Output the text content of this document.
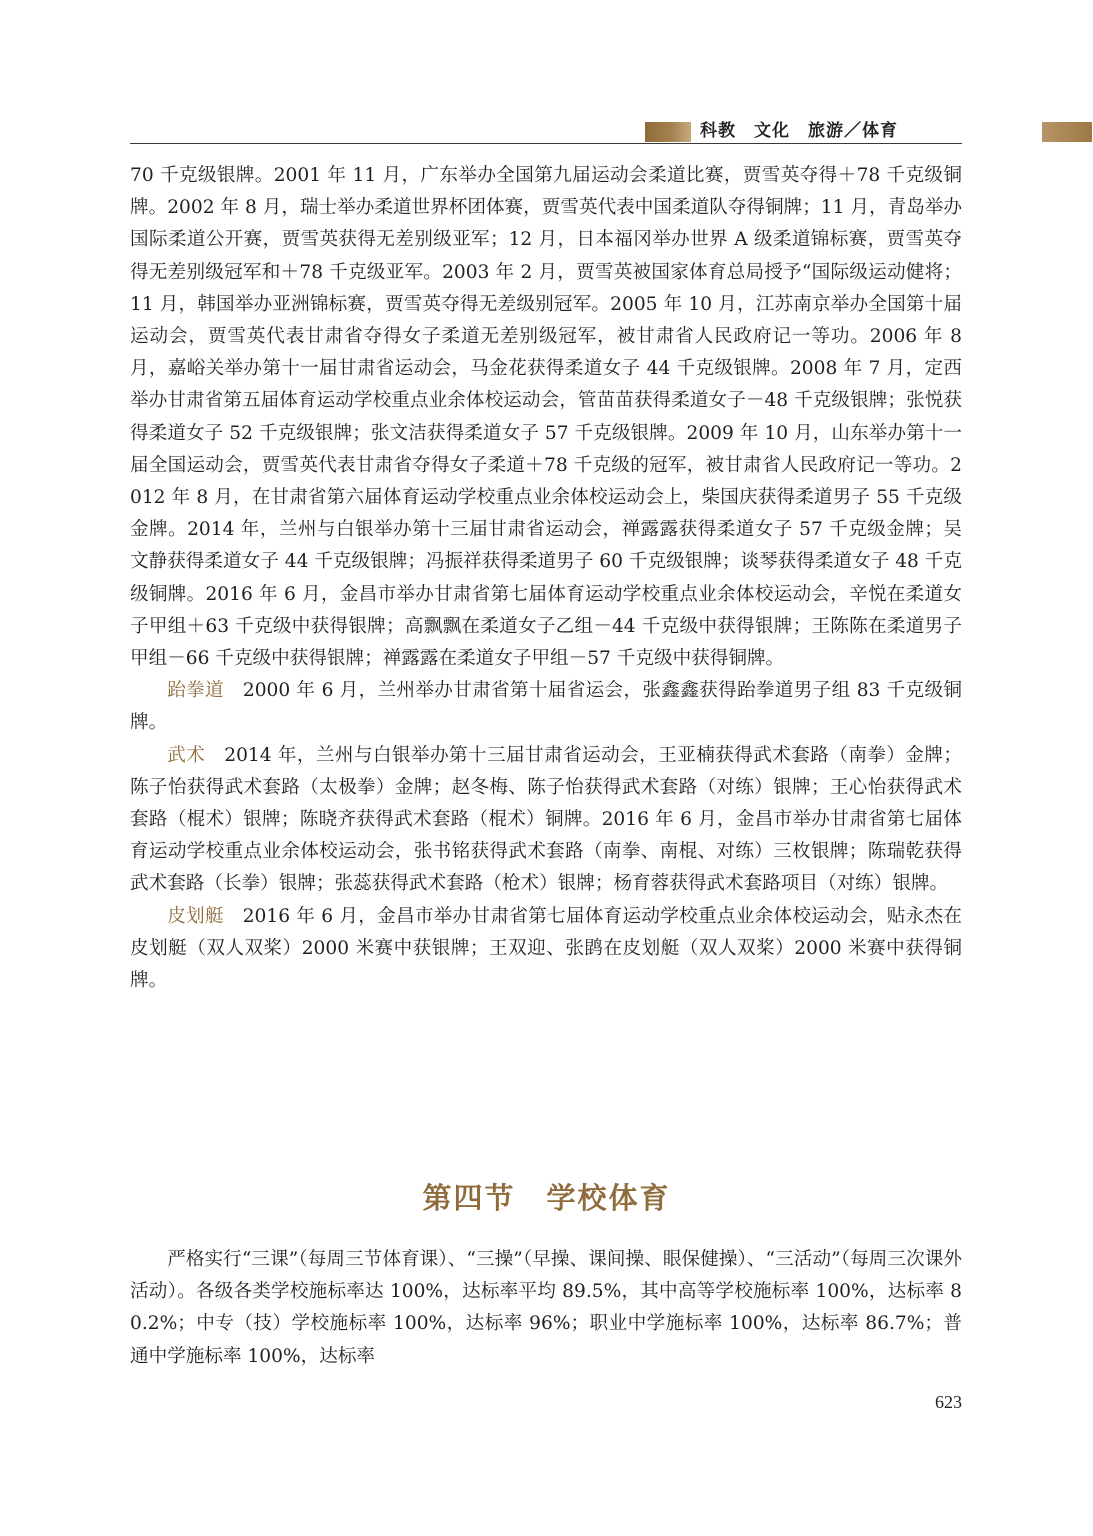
科教　文化　旅游／体育

70 千克级银牌。2001 年 11 月，广东举办全国第九届运动会柔道比赛，贾雪英夺得＋78 千克级铜牌。2002 年 8 月，瑞士举办柔道世界杯团体赛，贾雪英代表中国柔道队夺得铜牌；11 月，青岛举办国际柔道公开赛，贾雪英获得无差别级亚军；12 月，日本福冈举办世界 A 级柔道锦标赛，贾雪英夺得无差别级冠军和＋78 千克级亚军。2003 年 2 月，贾雪英被国家体育总局授予“国际级运动健将；11 月，韩国举办亚洲锦标赛，贾雪英夺得无差级别冠军。2005 年 10 月，江苏南京举办全国第十届运动会，贾雪英代表甘肃省夺得女子柔道无差别级冠军，被甘肃省人民政府记一等功。2006 年 8 月，嘉峪关举办第十一届甘肃省运动会，马金花获得柔道女子 44 千克级银牌。2008 年 7 月，定西举办甘肃省第五届体育运动学校重点业余体校运动会，管苗苗获得柔道女子－48 千克级银牌；张悦获得柔道女子 52 千克级银牌；张文洁获得柔道女子 57 千克级银牌。2009 年 10 月，山东举办第十一届全国运动会，贾雪英代表甘肃省夺得女子柔道＋78 千克级的冠军，被甘肃省人民政府记一等功。2012 年 8 月，在甘肃省第六届体育运动学校重点业余体校运动会上，柴国庆获得柔道男子 55 千克级金牌。2014 年，兰州与白银举办第十三届甘肃省运动会，禅露露获得柔道女子 57 千克级金牌；吴文静获得柔道女子 44 千克级银牌；冯振祥获得柔道男子 60 千克级银牌；谈琴获得柔道女子 48 千克级铜牌。2016 年 6 月，金昌市举办甘肃省第七届体育运动学校重点业余体校运动会，辛悦在柔道女子甲组＋63 千克级中获得银牌；高飘飘在柔道女子乙组－44 千克级中获得银牌；王陈陈在柔道男子甲组－66 千克级中获得银牌；禅露露在柔道女子甲组－57 千克级中获得铜牌。

跆拳道　2000 年 6 月，兰州举办甘肃省第十届省运会，张鑫鑫获得跆拳道男子组 83 千克级铜牌。

武术　2014 年，兰州与白银举办第十三届甘肃省运动会，王亚楠获得武术套路（南拳）金牌；陈子怡获得武术套路（太极拳）金牌；赵冬梅、陈子怡获得武术套路（对练）银牌；王心怡获得武术套路（棍术）银牌；陈晓齐获得武术套路（棍术）铜牌。2016 年 6 月，金昌市举办甘肃省第七届体育运动学校重点业余体校运动会，张书铭获得武术套路（南拳、南棍、对练）三枚银牌；陈瑞乾获得武术套路（长拳）银牌；张蕊获得武术套路（枪术）银牌；杨育蓉获得武术套路项目（对练）银牌。

皮划艇　2016 年 6 月，金昌市举办甘肃省第七届体育运动学校重点业余体校运动会，贴永杰在皮划艇（双人双桨）2000 米赛中获银牌；王双迎、张鹍在皮划艇（双人双桨）2000 米赛中获得铜牌。

第四节　学校体育

严格实行“三课”（每周三节体育课）、“三操”（早操、课间操、眼保健操）、“三活动”（每周三次课外活动）。各级各类学校施标率达 100%，达标率平均 89.5%，其中高等学校施标率 100%，达标率 80.2%；中专（技）学校施标率 100%，达标率 96%；职业中学施标率 100%，达标率 86.7%；普通中学施标率 100%，达标率

623
